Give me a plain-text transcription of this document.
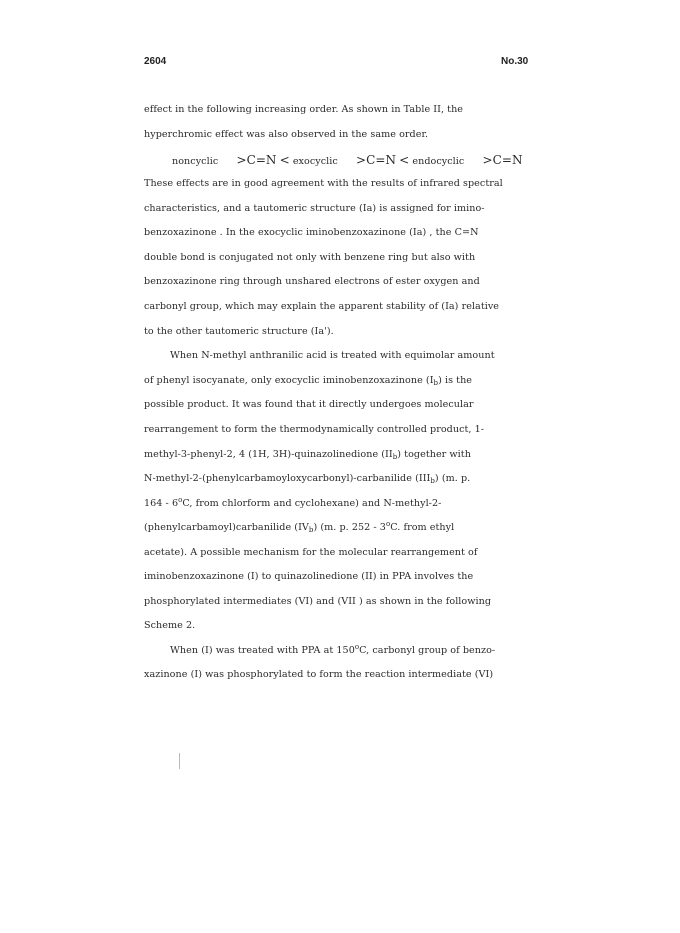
2604	No.30
effect in the following increasing order. As shown in Table II, the
hyperchromic effect was also observed in the same order.
noncyclic >C=N < exocyclic >C=N < endocyclic >C=N
These effects are in good agreement with the results of infrared spectral
characteristics, and a tautomeric structure (Ia) is assigned for imino-
benzoxazinone . In the exocyclic iminobenzoxazinone (Ia) , the C=N
double bond is conjugated not only with benzene ring but also with
benzoxazinone ring through unshared electrons of ester oxygen and
carbonyl group, which may explain the apparent stability of (Ia) relative
to the other tautomeric structure (Ia').
When N-methyl anthranilic acid is treated with equimolar amount
of phenyl isocyanate, only exocyclic iminobenzoxazinone $(I_b)$ is the
possible product. It was found that it directly undergoes molecular
rearrangement to form the thermodynamically controlled product, 1-
methyl-3-phenyl-2, 4 (1H, 3H)-quinazolinedione $(II_b)$ together with
N-methyl-2-(phenylcarbamoyloxycarbonyl)-carbanilide $(III_b)$ (m. p.
164 - 6$^o$C, from chlorform and cyclohexane) and N-methyl-2-
(phenylcarbamoyl)carbanilide $(IV_b)$ (m. p. 252 - 3$^o$C. from ethyl
acetate). A possible mechanism for the molecular rearrangement of
iminobenzoxazinone (I) to quinazolinedione (II) in PPA involves the
phosphorylated intermediates (VI) and (VII ) as shown in the following
Scheme 2.
When (I) was treated with PPA at 150$^o$C, carbonyl group of benzo-
xazinone (I) was phosphorylated to form the reaction intermediate (VI)
